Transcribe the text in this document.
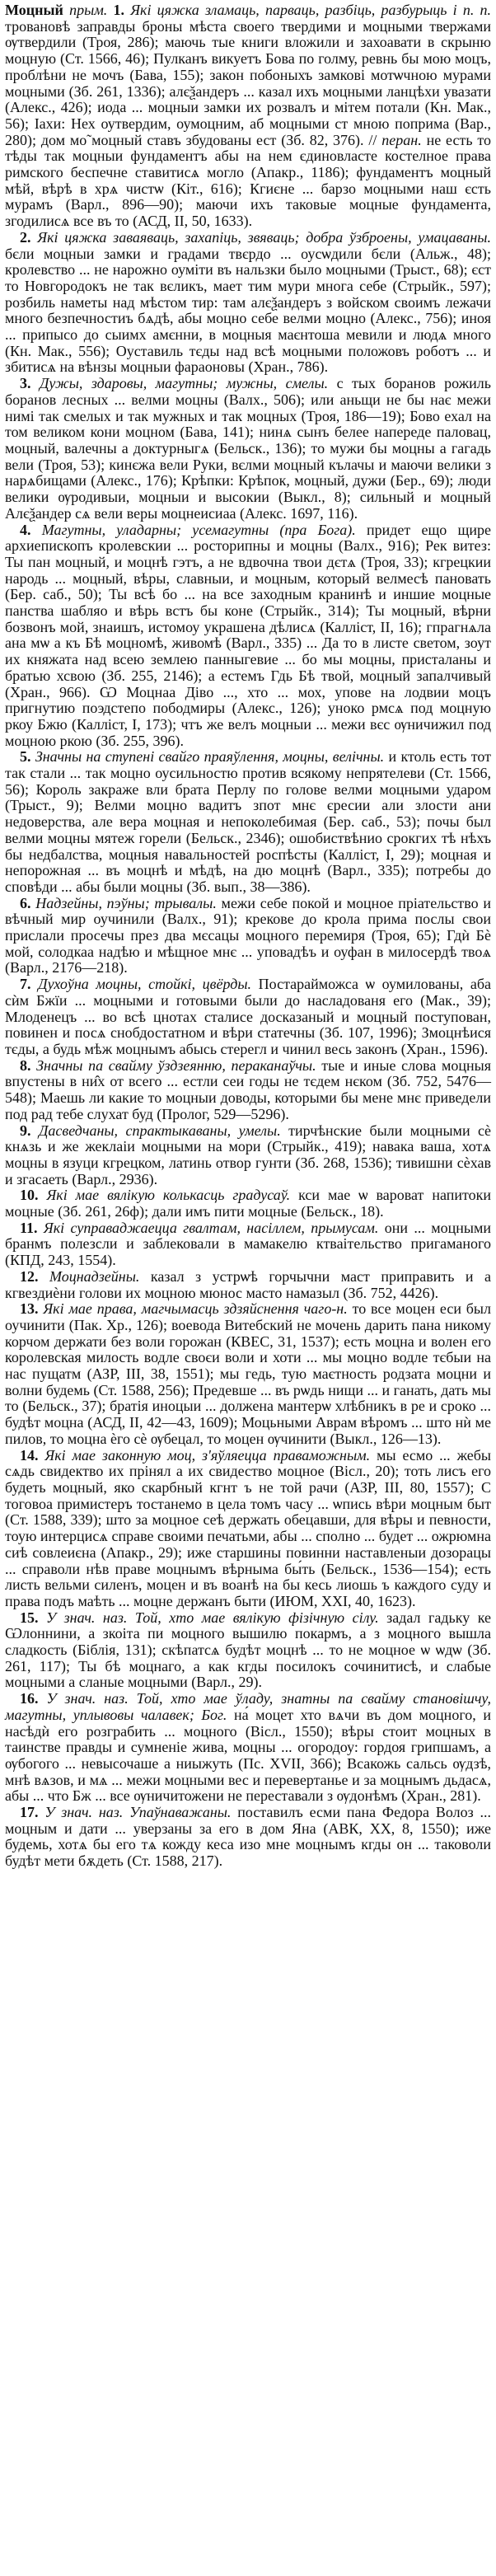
Моцный прым. 1. Які цяжка зламаць, парваць, разбіць, разбурыць і п. п. тровановѣ заправды броны мѣста своего твердими и моцными твержами ѹтвердили (Троя, 286); маючь тые книги вложили и захоавати в скрыню моцную (Ст. 1566, 46); Пулканъ викуетъ Бова по голму, ревнь бы мою моцъ, проблѣни не мочъ (Бава, 155); закон побоныхъ замкові мотѡчною мурами моцными (Зб. 261, 1336); алєѯандеръ ... казал ихъ моцными ланцѣхи увазати (Алекс., 426); иода ... моцныи замки их розвалъ и мітем потали (Кн. Мак., 56); Іахи: Нех оутвердим, оумоцним, аб моцными ст мною поприма (Вар., 280); дом мо̃ моцный ставъ збудованы ест (Зб. 82, 376). // перан. не есть то тѣды так моцныи фундаментъ абы на нем єдиновласте костелное права римского беспечне ставитисѧ могло (Апакр., 1186); фундаментъ моцный мѣй, вѣрѣ в хрѧ чистѡ (Кіт., 616); Кгиєне ... барзо моцными наш єсть мурамъ (Варл., 896—90); маючи ихъ таковые моцные фундамента, згодилисѧ все въ то (АСД, ІІ, 50, 1633).

2. Які цяжка заваяваць, захапіць, звяваць; добра ўзброены, умацаваны. бєли моцныи замки и градами твєрдо ... оусѡдили бєли (Альж., 48); кролевство ... не нарожно оуміти въ нальзки было моцными (Трыст., 68); єст то Новгородокъ не так вєликъ, мает тим мури многа себе (Стрыйк., 597); розбиль наметы над мѣстом тир: там алєѯандеръ з войском своимъ лежачи много безпечностиъ бѧдѣ, абы моцно себе велми моцно (Алекс., 756); иноя ... припысо до сыимх амєнни, в моцныя маєнтоша мевили и людѧ много (Кн. Мак., 556); Оуставиль тєды над всѣ моцными положовъ роботъ ... и збитисѧ на вѣнзы моцныи фараоновы (Хран., 786).

3. Дужы, здаровы, магутны; мужны, смелы. с тых боранов рожиль боранов лесных ... велми моцны (Валх., 506); или аньщи не бы нає межи нимі так смелых и так мужных и так моцных (Троя, 186—19); Бово ехал на том великом кони моцном (Бава, 141); нинѧ сынъ белее напереде паловац, моцный, валечны а доктурныгѧ (Бельск., 136); то мужи бы моцны а гагадь вели (Троя, 53); кинєжа вели Руки, вєлми моцный кълачы и маючи велики з нарѧбищами (Алекс., 176); Крѣпки: Крѣпок, моцный, дужи (Бер., 69); люди велики ѹродивыи, моцныи и высокии (Выкл., 8); сильный и моцный Алєѯандер сѧ вели веры моцнеисиаа (Алекс. 1697, 116).

4. Магутны, уладарны; усемагутны (пра Бога). придет ещо щире архиепископъ кролевскии ... росторипны и моцны (Валх., 916); Рек витез: Ты пан моцный, и моцнѣ гэтъ, а не вдвочна твои дєтѧ (Троя, 33); кгрецкии народь ... моцный, вѣры, славныи, и моцным, который велмесѣ пановать (Бер. саб., 50); Ты всѣ бо ... на все заходным кранинѣ и иншие моцные панства шабляо и вѣрь встъ бы коне (Стрыйк., 314); Ты моцный, вѣрни бозвонъ мой, знаишъ, истомоу украшена дѣлисѧ (Калліст, ІІ, 16); гпрагнѧла ана мѡ а къ Бѣ моцномѣ, живомѣ (Варл., 335) ... Да то в листе светом, зоут их княжата над всею землею панныгевие ... бо мы моцны, присталаны и братью хсвою (Зб. 255, 2146); а естемъ Гдь Бѣ твой, моцный запалчивый (Хран., 966). Ѡ Моцнаа Діво ..., хто ... мох, упове на лодвии моцъ пригнутию поэдстепо пободмиры (Алекс., 126); уноко рмсѧ под моцную ркоу Бжю (Калліст, І, 173); чтъ же велъ моцныи ... межи вєс ѹничижил под моцною ркою (Зб. 255, 396).

5. Значны на ступені свайго праяўлення, моцны, велічны. и ктоль есть тот так стали ... так моцно оусильностю против всякому непрятелеви (Ст. 1566, 56); Король закраже вли брата Перлу по голове велми моцными ударом (Трыст., 9); Велми моцно вадитъ зпот мнє єресии али злости ани недоверства, але вера моцная и непоколебимая (Бер. саб., 53); почы был велми моцны мятеж горели (Бельск., 2346); ошобиствѣнио срокгих тѣ нѣхъ бы недбалства, моцныя навальностей роспѣсты (Калліст, І, 29); моцная и непорожная ... въ моцнѣ и мѣдѣ, на дю моцнѣ (Варл., 335); потребы до сповѣди ... абы были моцны (Зб. вып., 38—386).

6. Надзейны, пэўны; трывалы. межи себе покой и моцное пріательство и вѣчный мир оучинили (Валх., 91); крекове до крола прима послы свои прислали просечы през два мєсацы моцного перемиря (Троя, 65); Гдѝ Бѐ мой, солодкаа надѣю и мѣщное мнє ... уповадѣъ и оуфан в милосердѣ твоѧ (Варл., 2176—218).

7. Духоўна моцны, стойкі, цвёрды. Постарайможса ѡ оумилованы, аба сѝм Бжїи ... моцными и готовыми были до насладованя его (Мак., 39); Млоденецъ ... во всѣ цнотах сталисе досказаный и моцный поступован, повинен и посѧ снобдостатном и вѣри статечны (Зб. 107, 1996); Змоцнѣися тєды, а будь мѣж моцнымъ абысь стерегл и чинил весь законъ (Хран., 1596).

8. Значны па свайму ўздзеянню, пераканаўчы. тые и иные слова моцныя впустены в ни̂х от всего ... естли сеи годы не тєдем нєком (Зб. 752, 5476—548); Маешь ли какие то моцныи доводы, которыми бы мене мнє приведели под рад тебе слухат буд (Пролог, 529—5296).

9. Дасведчаны, спрактыкаваны, умелы. тирчѣнские были моцными сѐ кнѧзь и же жеклаіи моцными на мори (Стрыйк., 419); навака ваша, хотѧ моцны в язуци кгрецком, латинь отвор гунти (Зб. 268, 1536); тивишни сѐхав и згасаеть (Варл., 2936).

10. Які мае вялікую колькасць градусаў. кси мае ѡ вароват напитоки моцные (Зб. 261, 26ф); дали имъ пити моцные (Бельск., 18).

11. Які суправаджаецца гвалтам, насіллем, прымусам. они ... моцными бранмъ полезсли и заблековали в мамакелю ктваітельство пригаманого (КПД, 243, 1554).

12. Моцнадзейны. казал з устрѡѣ горчычни маст приправить и а кгвездиѐни голови их моцною мюнос масто намазыл (Зб. 752, 4426).

13. Які мае права, магчымасць здзяйснення чаго-н. то все моцен еси был оучинити (Пак. Хр., 126); воевода Витебский не мочень дарить пана никому корчом держати без воли горожан (КВЕС, 31, 1537); есть моцна и волен его королевская милость водле своєи воли и хоти ... мы моцно водле тєбыи на нас пущатм (АЗР, ІІІ, 38, 1551); мы гедь, тую маєтность родзата моцни и волни будемь (Ст. 1588, 256); Предевше ... въ рѡдь нищи ... и ганать, дать мы то (Бельск., 37); братія иноцыи ... должена мантерѡ хлѣбникъ в ре и сроко ... будѣт моцна (АСД, ІІ, 42—43, 1609); Моцьными Аврам вѣромъ ... што нѝ ме пилов, то моцна ѐго сѐ ѹбецал, то моцен ѹчинити (Выкл., 126—13).

14. Які мае законную моц, з'яўляецца праваможным. мы есмо ... жебы сѧдь свидектво их прінял а их свидество моцное (Вісл., 20); тоть лисъ его будеть моцный, яко скарбный кгнт ъ не той рачи (АЗР, ІІІ, 80, 1557); С тоговоа примистеръ тостанемо в цела томъ часу ... ѡпись вѣри моцным быт (Ст. 1588, 339); што за моцное сеѣ держать обецавши, для вѣры и певности, тоую интерцисѧ справе своими печатьми, абы ... сполно ... будет ... ожрюмна сиѣ совлеиєна (Апакр., 29); иже старшины повинни наставленыи дозорацы ... справоли нѣв праве моцнымъ вѣрныма бы́ть (Бельск., 1536—154); есть листь вельми силенъ, моцен и въ воанѣ на бы кесь лиошь ъ каждого суду и права подъ маѣть ... моцне держанъ быти (ИЮМ, XXI, 40, 1623).

15. У знач. наз. Той, хто мае вялікую фізічную сілу. задал гадьку ке Ѡлоннини, а зкоіта пи моцного вышилю покармъ, а з моцного вышла сладкость (Біблія, 131); скѣпатсѧ будѣт моцнѣ ... то не моцное ѡ ѡдѡ (Зб. 261, 117); Ты бѣ моцнаго, а как кгды посилокъ сочинитисѣ, и слабые моцными а сланые моцными (Варл., 29).

16. У знач. наз. Той, хто мае ўладу, знатны па свайму становішчу, магутны, уплывовы чалавек; Бог. на́ моцет хто вѧчи въ дом моцного, и насѣдѝ его розграбить ... моцного (Вісл., 1550); вѣры стоит моцных в таинстве правды и сумненіе жива, моцны ... огородоу: гордоя грипшамъ, а ѹбогого ... невысочаше а ниыжуть (Пс. XVII, 366); Всакожь сальсь ѹдзѣ, мнѣ вѧзов, и мѧ ... межи моцными вес и перевертанье и за моцнымъ дьдасѧ, абы ... что Бж ... все ѹничитожени не переставали з ѹдонѣмъ (Хран., 281).

17. У знач. наз. Упаўнаважаны. поставилъ есми пана Федора Волоз ... моцным и дати ... уверзаны за его в дом Яна (АВК, XX, 8, 1550); иже будемь, хотѧ бы его тѧ кожду кеса изо мне моцнымъ кгды он ... таковоли будѣт мети бѫдеть (Ст. 1588, 217).
